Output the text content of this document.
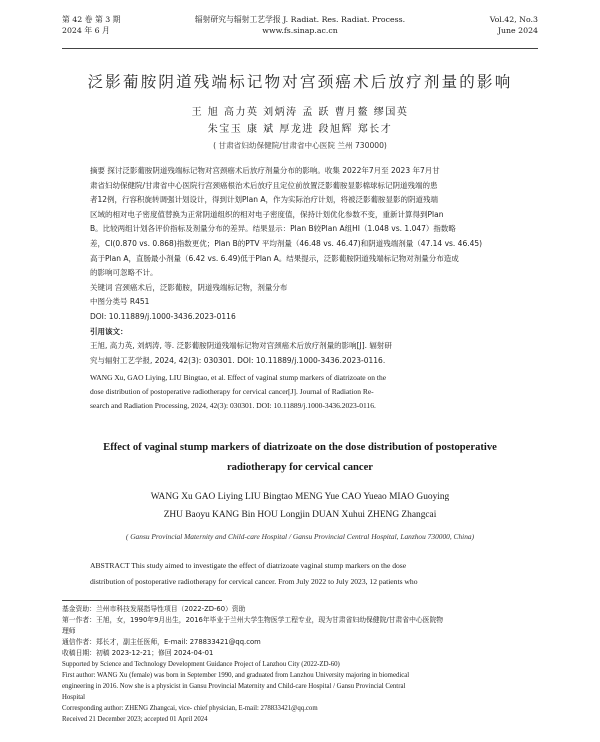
第 42 卷 第 3 期
2024 年 6 月
辐射研究与辐射工艺学报 J. Radiat. Res. Radiat. Process.
www.fs.sinap.ac.cn
Vol.42, No.3
June 2024
泛影葡胺阴道残端标记物对宫颈癌术后放疗剂量的影响
王 旭 高力英 刘炳涛 孟 跃 曹月鳌 缪国英
朱宝玉 康 斌 厚龙进 段旭辉 郑长才
( 甘肃省妇幼保健院/甘肃省中心医院 兰州 730000)
摘要 探讨泛影葡胺阴道残端标记物对宫颈癌术后放疗剂量分布的影响。收集 2022年7月至 2023 年7月甘
肃省妇幼保健院/甘肃省中心医院行宫颈癌根治术后放疗且定位前放置泛影葡胺显影棉球标记阴道残端的患
者12例，行容积旋转调强计划设计，得到计划Plan A，作为实际治疗计划，将被泛影葡胺显影的阴道残端
区域的相对电子密度值替换为正常阴道组织的相对电子密度值，保持计划优化参数不变，重新计算得到Plan
B。比较两组计划各评价指标及剂量分布的差异。结果显示：Plan B较Plan A组HI（1.048 vs. 1.047）指数略
差，CI(0.870 vs. 0.868)指数更优；Plan B的PTV 平均剂量（46.48 vs. 46.47)和阴道残端剂量（47.14 vs. 46.45)
高于Plan A，直肠最小剂量（6.42 vs. 6.49)低于Plan A。结果提示，泛影葡胺阴道残端标记物对剂量分布造成
的影响可忽略不计。
关键词 宫颈癌术后，泛影葡胺，阴道残端标记物，剂量分布
中图分类号 R451
DOI: 10.11889/j.1000-3436.2023-0116
引用该文：
王旭, 高力英, 刘炳涛, 等. 泛影葡胺阴道残端标记物对宫颈癌术后放疗剂量的影响[J]. 辐射研
究与辐射工艺学报, 2024, 42(3): 030301. DOI: 10.11889/j.1000-3436.2023-0116.
WANG Xu, GAO Liying, LIU Bingtao, et al. Effect of vaginal stump markers of diatrizoate on the
dose distribution of postoperative radiotherapy for cervical cancer[J]. Journal of Radiation Re-
search and Radiation Processing, 2024, 42(3): 030301. DOI: 10.11889/j.1000-3436.2023-0116.
Effect of vaginal stump markers of diatrizoate on the dose distribution of postoperative
radiotherapy for cervical cancer
WANG Xu GAO Liying LIU Bingtao MENG Yue CAO Yueao MIAO Guoying
ZHU Baoyu KANG Bin HOU Longjin DUAN Xuhui ZHENG Zhangcai
( Gansu Provincial Maternity and Child-care Hospital / Gansu Provincial Central Hospital, Lanzhou 730000, China)
ABSTRACT This study aimed to investigate the effect of diatrizoate vaginal stump markers on the dose
distribution of postoperative radiotherapy for cervical cancer. From July 2022 to July 2023, 12 patients who
基金资助：兰州市科技发展指导性项目（2022-ZD-60）资助
第一作者：王旭，女，1990年9月出生，2016年毕业于兰州大学生物医学工程专业，现为甘肃省妇幼保健院/甘肃省中心医院物
理师
通信作者：郑长才，副主任医师，E-mail: 278833421@qq.com
收稿日期：初稿 2023-12-21；修回 2024-04-01
Supported by Science and Technology Development Guidance Project of Lanzhou City (2022-ZD-60)
First author: WANG Xu (female) was born in September 1990, and graduated from Lanzhou University majoring in biomedical
engineering in 2016. Now she is a physicist in Gansu Provincial Maternity and Child-care Hospital / Gansu Provincial Central
Hospital
Corresponding author: ZHENG Zhangcai, vice- chief physician, E-mail: 278833421@qq.com
Received 21 December 2023; accepted 01 April 2024
